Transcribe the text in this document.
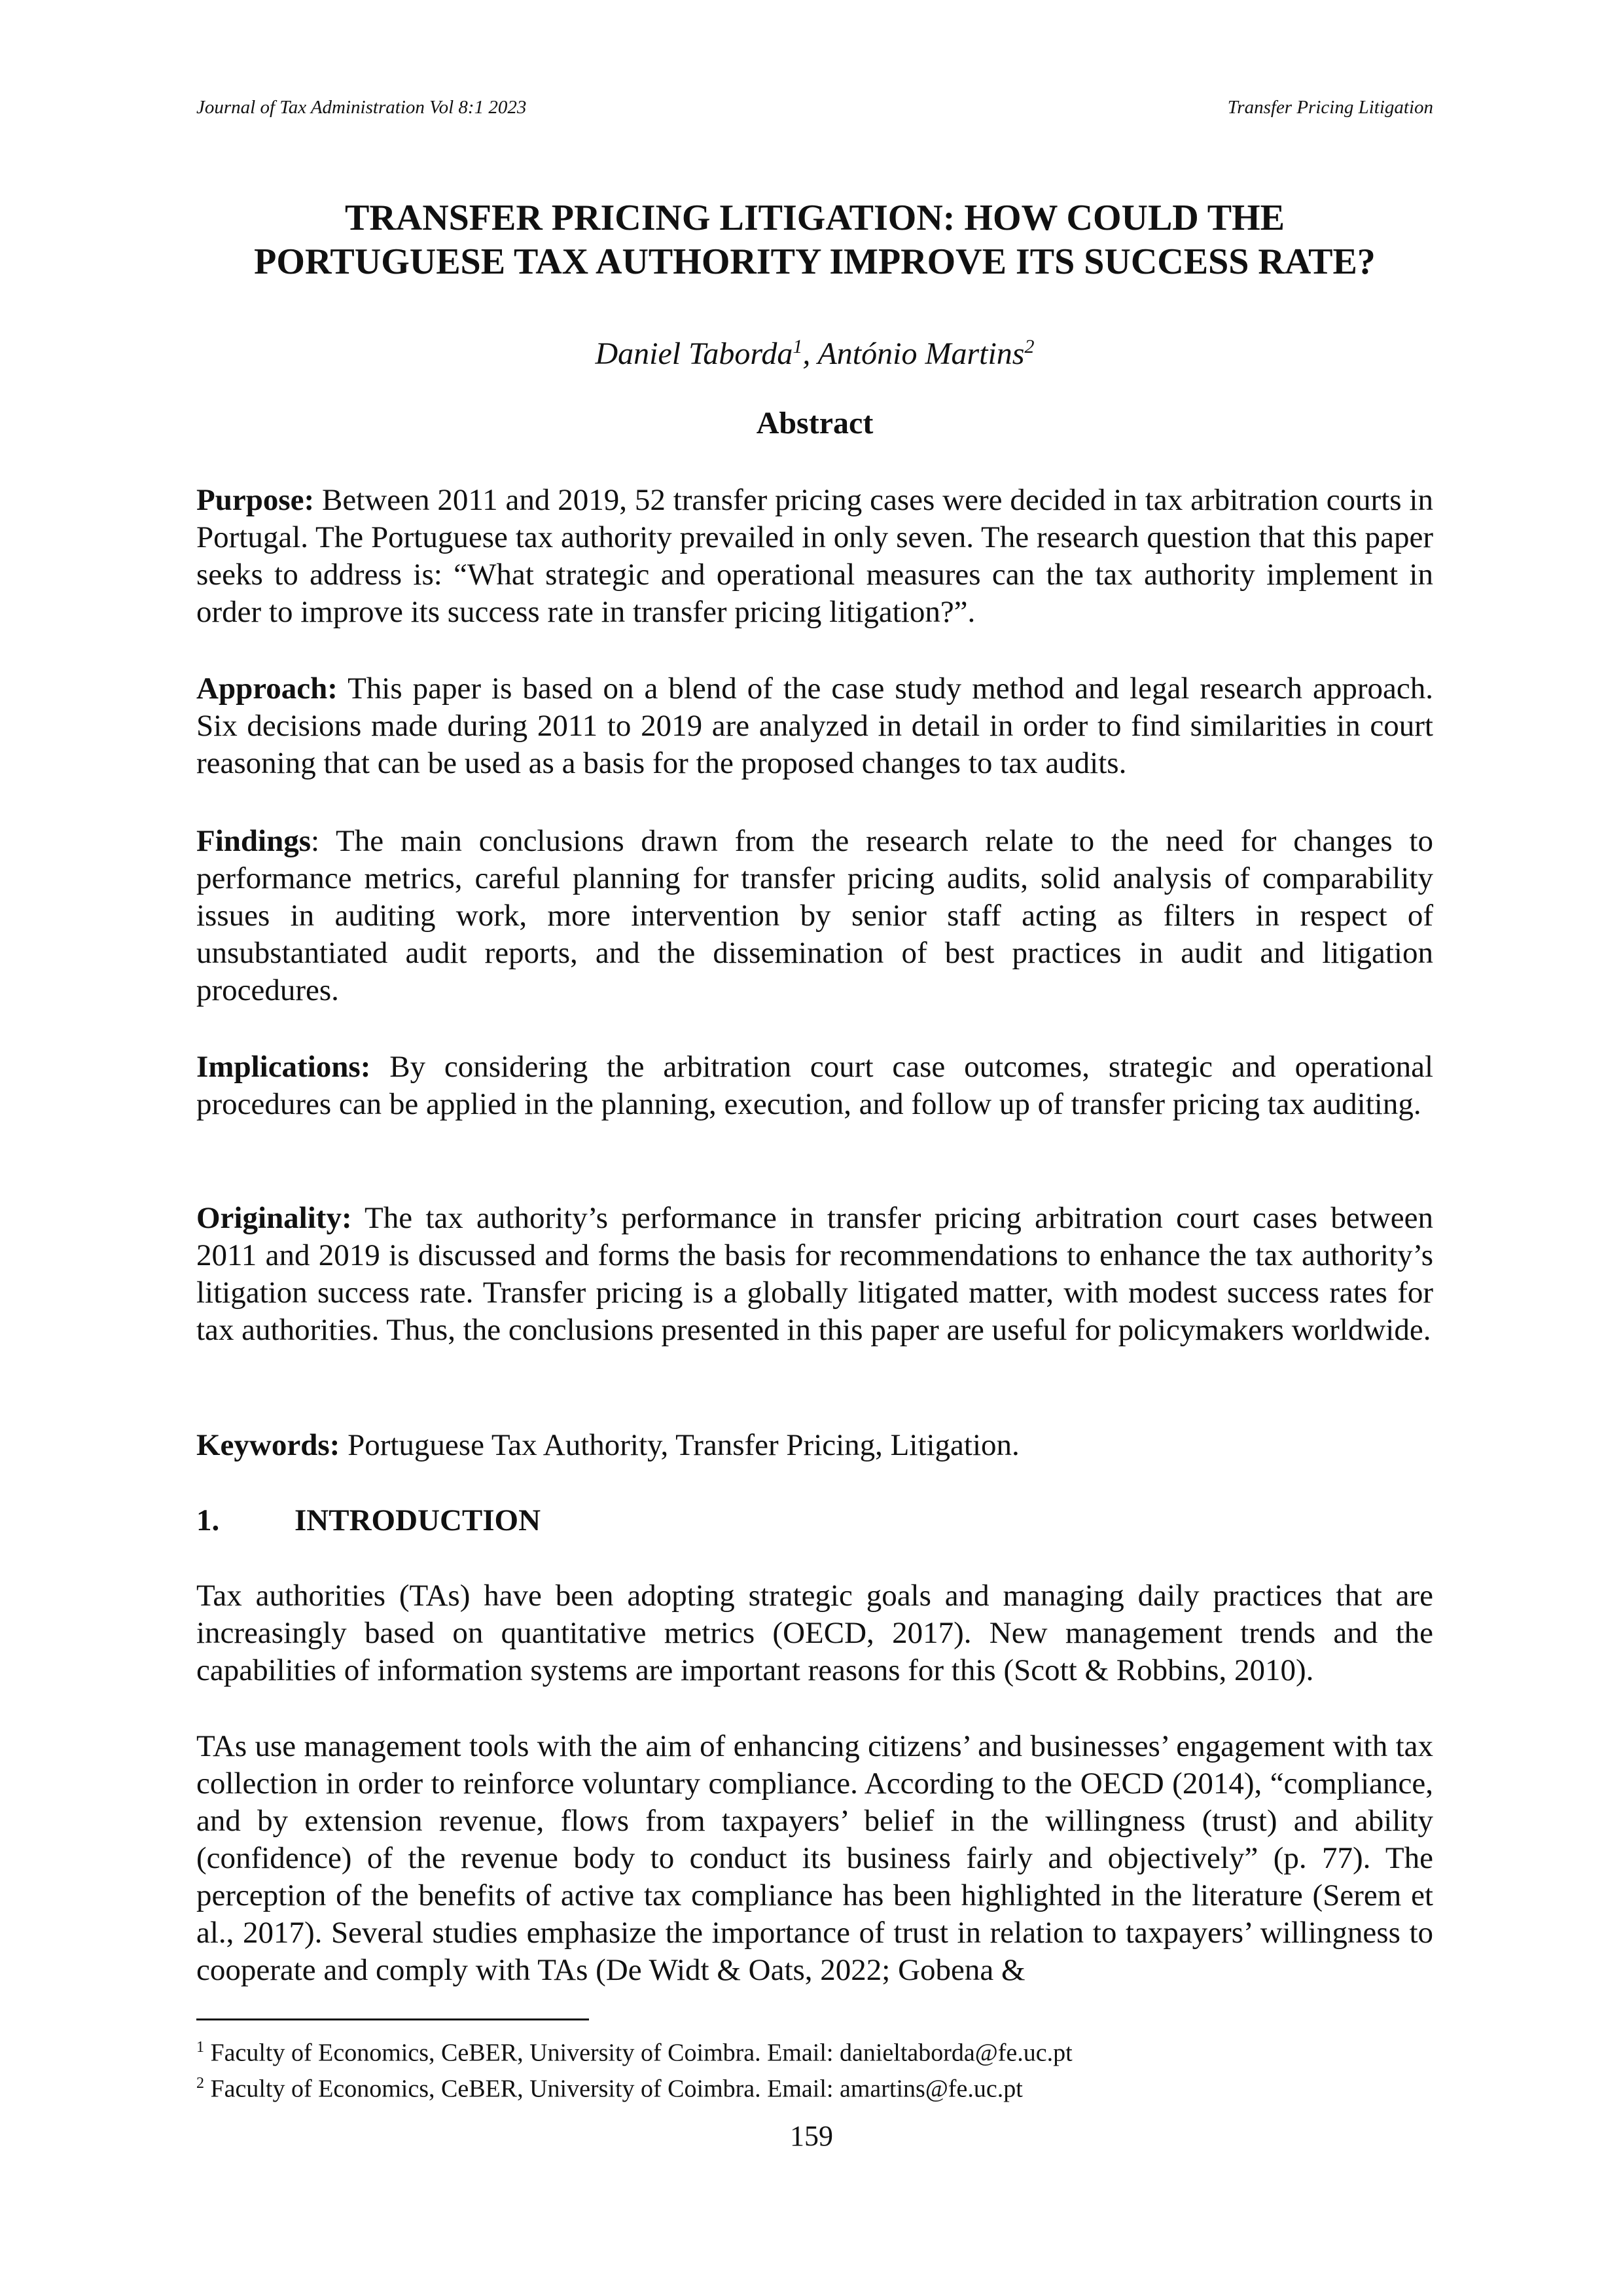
Journal of Tax Administration Vol 8:1 2023	Transfer Pricing Litigation
TRANSFER PRICING LITIGATION: HOW COULD THE
PORTUGUESE TAX AUTHORITY IMPROVE ITS SUCCESS RATE?
Daniel Taborda$^1$, António Martins$^2$
Abstract

Purpose: Between 2011 and 2019, 52 transfer pricing cases were decided in tax arbitration courts in Portugal. The Portuguese tax authority prevailed in only seven. The research question that this paper seeks to address is: “What strategic and operational measures can the tax authority implement in order to improve its success rate in transfer pricing litigation?”.

Approach: This paper is based on a blend of the case study method and legal research approach. Six decisions made during 2011 to 2019 are analyzed in detail in order to find similarities in court reasoning that can be used as a basis for the proposed changes to tax audits.

Findings: The main conclusions drawn from the research relate to the need for changes to performance metrics, careful planning for transfer pricing audits, solid analysis of comparability issues in auditing work, more intervention by senior staff acting as filters in respect of unsubstantiated audit reports, and the dissemination of best practices in audit and litigation procedures.

Implications: By considering the arbitration court case outcomes, strategic and operational procedures can be applied in the planning, execution, and follow up of transfer pricing tax auditing.

Originality: The tax authority’s performance in transfer pricing arbitration court cases between 2011 and 2019 is discussed and forms the basis for recommendations to enhance the tax authority’s litigation success rate. Transfer pricing is a globally litigated matter, with modest success rates for tax authorities. Thus, the conclusions presented in this paper are useful for policymakers worldwide.

Keywords: Portuguese Tax Authority, Transfer Pricing, Litigation.

1. INTRODUCTION

Tax authorities (TAs) have been adopting strategic goals and managing daily practices that are increasingly based on quantitative metrics (OECD, 2017). New management trends and the capabilities of information systems are important reasons for this (Scott & Robbins, 2010).

TAs use management tools with the aim of enhancing citizens’ and businesses’ engagement with tax collection in order to reinforce voluntary compliance. According to the OECD (2014), “compliance, and by extension revenue, flows from taxpayers’ belief in the willingness (trust) and ability (confidence) of the revenue body to conduct its business fairly and objectively” (p. 77). The perception of the benefits of active tax compliance has been highlighted in the literature (Serem et al., 2017). Several studies emphasize the importance of trust in relation to taxpayers’ willingness to cooperate and comply with TAs (De Widt & Oats, 2022; Gobena &

$^1$ Faculty of Economics, CeBER, University of Coimbra. Email: danieltaborda@fe.uc.pt
$^2$ Faculty of Economics, CeBER, University of Coimbra. Email: amartins@fe.uc.pt
159
